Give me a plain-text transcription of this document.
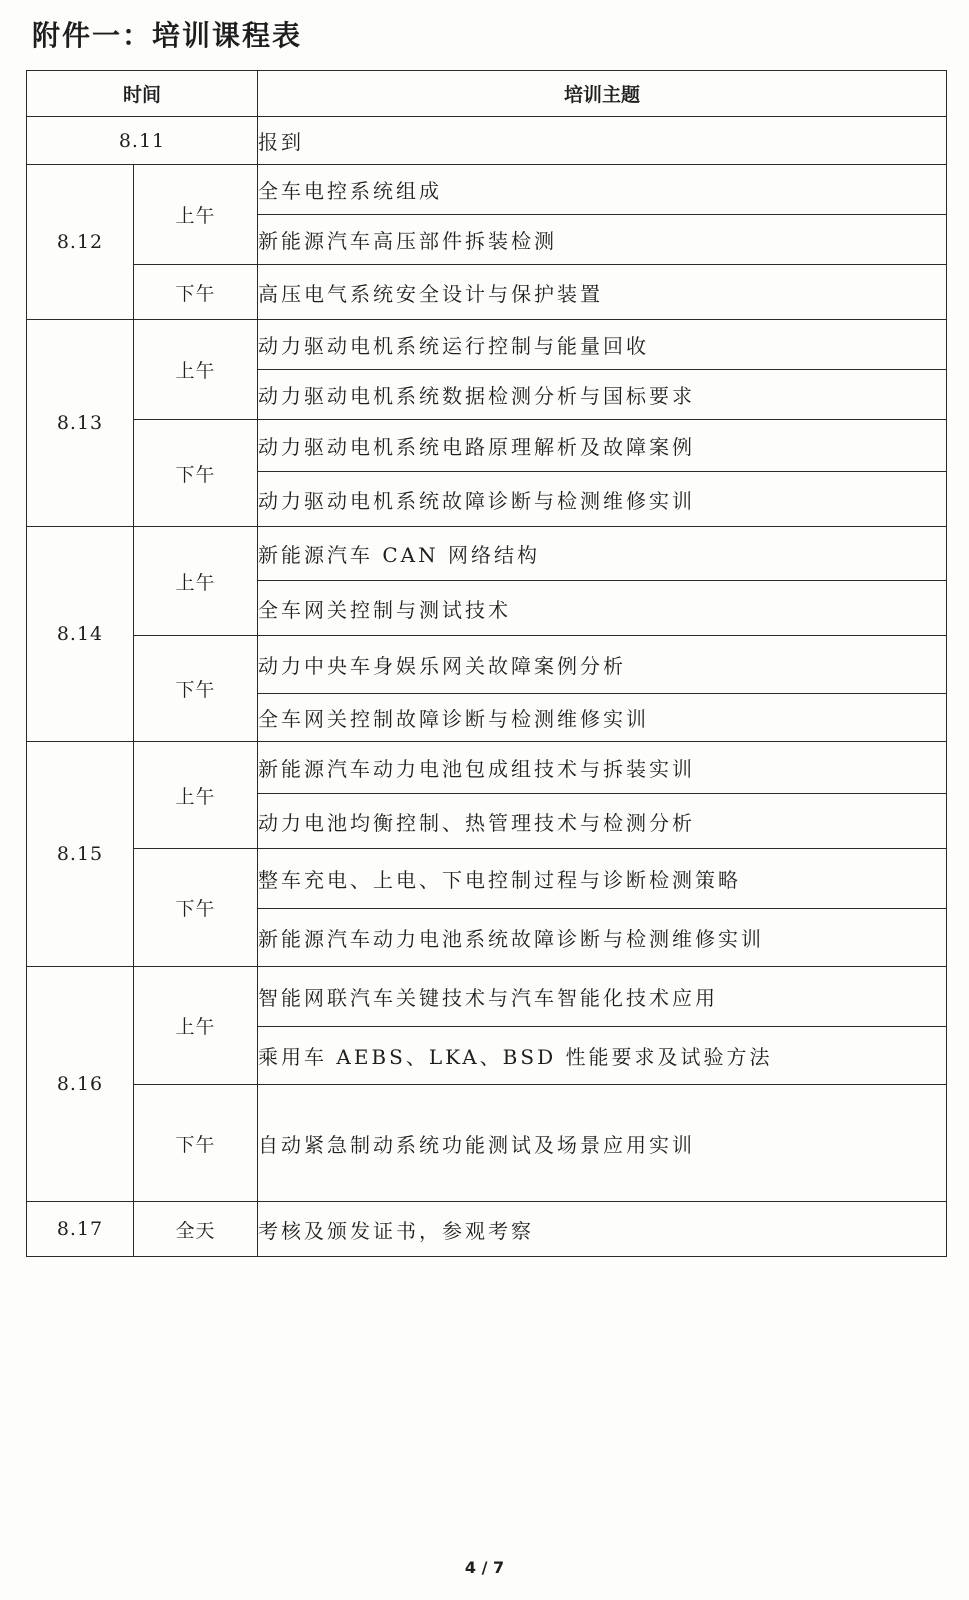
附件一：培训课程表
时间		培训主题
8.11		报到
8.12	上午	全车电控系统组成
		新能源汽车高压部件拆装检测
	下午	高压电气系统安全设计与保护装置
8.13	上午	动力驱动电机系统运行控制与能量回收
		动力驱动电机系统数据检测分析与国标要求
	下午	动力驱动电机系统电路原理解析及故障案例
		动力驱动电机系统故障诊断与检测维修实训
8.14	上午	新能源汽车 CAN 网络结构
		全车网关控制与测试技术
	下午	动力中央车身娱乐网关故障案例分析
		全车网关控制故障诊断与检测维修实训
8.15	上午	新能源汽车动力电池包成组技术与拆装实训
		动力电池均衡控制、热管理技术与检测分析
	下午	整车充电、上电、下电控制过程与诊断检测策略
		新能源汽车动力电池系统故障诊断与检测维修实训
8.16	上午	智能网联汽车关键技术与汽车智能化技术应用
		乘用车 AEBS、LKA、BSD 性能要求及试验方法
	下午	自动紧急制动系统功能测试及场景应用实训
8.17	全天	考核及颁发证书，参观考察
4 / 7
